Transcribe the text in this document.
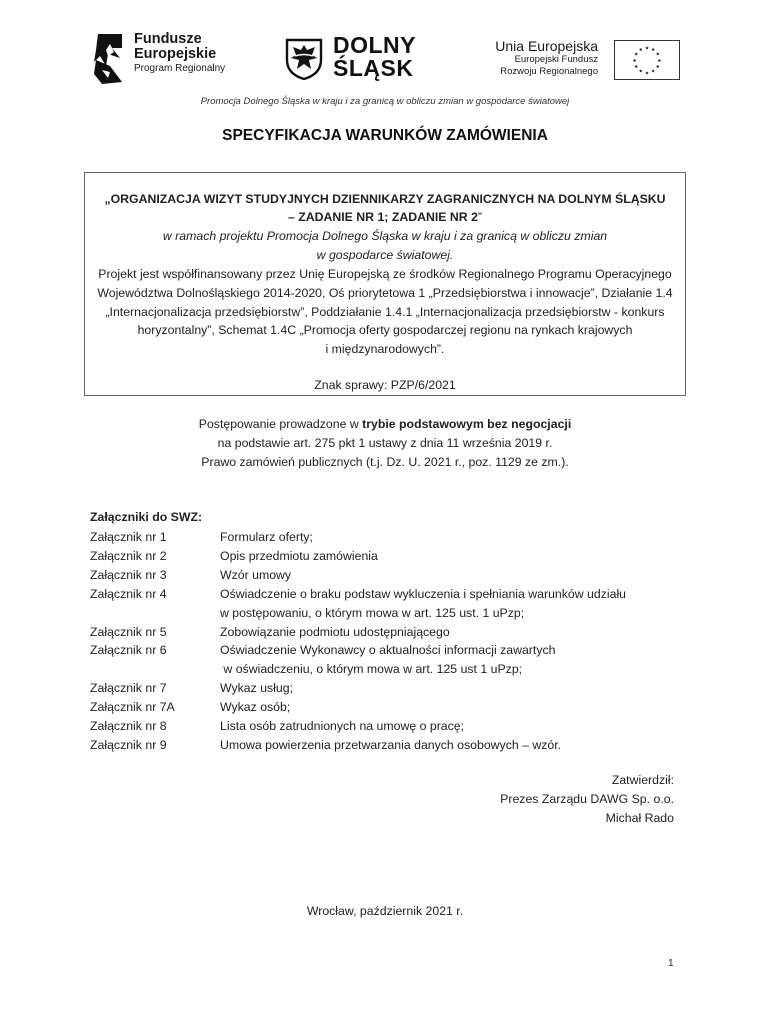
Fundusze
Europejskie
Program Regionalny
DOLNY
ŚLĄSK
Unia Europejska
Europejski Fundusz
Rozwoju Regionalnego
★ ★
★
★
★
★
★
★
★
★
★
★
Promocja Dolnego Śląska w kraju i za granicą w obliczu zmian w gospodarce światowej
SPECYFIKACJA WARUNKÓW ZAMÓWIENIA
„ORGANIZACJA WIZYT STUDYJNYCH DZIENNIKARZY ZAGRANICZNYCH NA DOLNYM ŚLĄSKU
– ZADANIE NR 1; ZADANIE NR 2”
w ramach projektu Promocja Dolnego Śląska w kraju i za granicą w obliczu zmian
w gospodarce światowej.
Projekt jest współfinansowany przez Unię Europejską ze środków Regionalnego Programu Operacyjnego
Województwa Dolnośląskiego 2014-2020, Oś priorytetowa 1 „Przedsiębiorstwa i innowacje”, Działanie 1.4
„Internacjonalizacja przedsiębiorstw”, Poddziałanie 1.4.1 „Internacjonalizacja przedsiębiorstw - konkurs
horyzontalny”, Schemat 1.4C „Promocja oferty gospodarczej regionu na rynkach krajowych
i międzynarodowych”.
Znak sprawy: PZP/6/2021
Postępowanie prowadzone w trybie podstawowym bez negocjacji
na podstawie art. 275 pkt 1 ustawy z dnia 11 września 2019 r.
Prawo zamówień publicznych (t.j. Dz. U. 2021 r., poz. 1129 ze zm.).
Załączniki do SWZ:
Załącznik nr 1	Formularz oferty;
Załącznik nr 2	Opis przedmiotu zamówienia
Załącznik nr 3	Wzór umowy
Załącznik nr 4	Oświadczenie o braku podstaw wykluczenia i spełniania warunków udziału
w postępowaniu, o którym mowa w art. 125 ust. 1 uPzp;
Załącznik nr 5	Zobowiązanie podmiotu udostępniającego
Załącznik nr 6	Oświadczenie Wykonawcy o aktualności informacji zawartych
w oświadczeniu, o którym mowa w art. 125 ust 1 uPzp;
Załącznik nr 7	Wykaz usług;
Załącznik nr 7A	Wykaz osób;
Załącznik nr 8	Lista osób zatrudnionych na umowę o pracę;
Załącznik nr 9	Umowa powierzenia przetwarzania danych osobowych – wzór.
Zatwierdził:
Prezes Zarządu DAWG Sp. o.o.
Michał Rado
Wrocław, październik 2021 r.
1
